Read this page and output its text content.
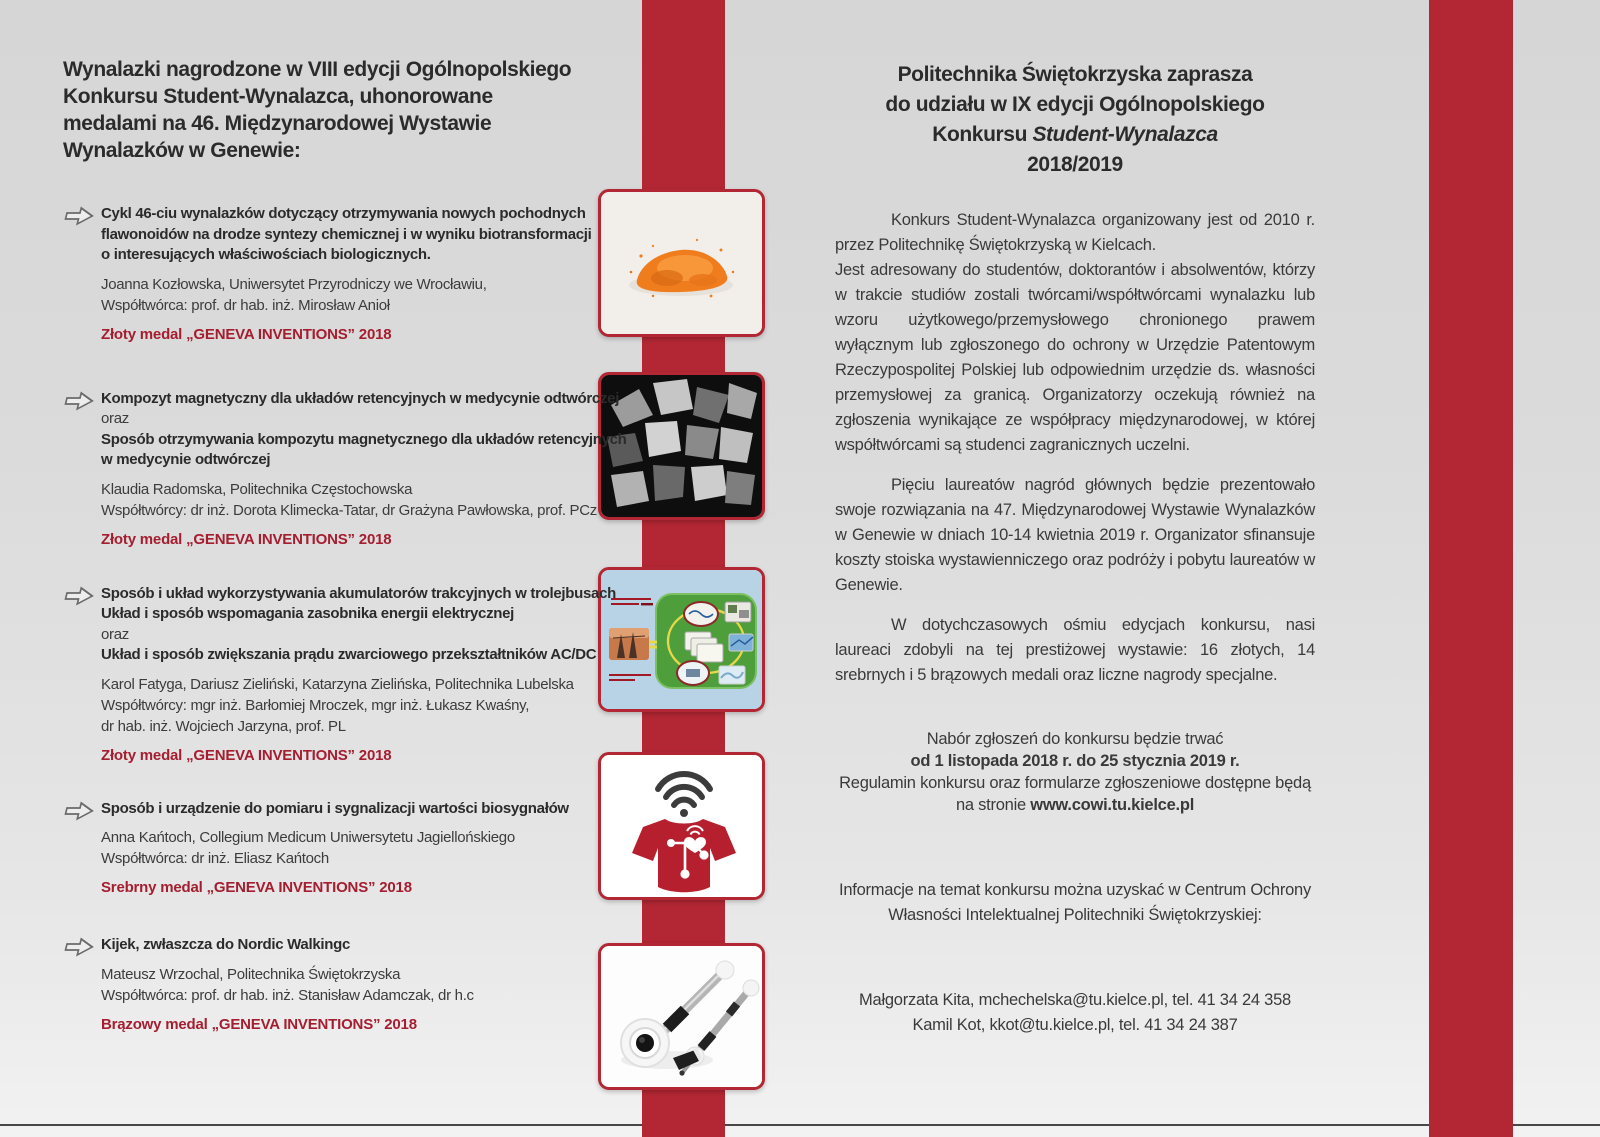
Wynalazki nagrodzone w VIII edycji Ogólnopolskiego
Konkursu Student-Wynalazca, uhonorowane
medalami na 46. Międzynarodowej Wystawie
Wynalazków w Genewie:
Cykl 46-ciu wynalazków dotyczący otrzymywania nowych pochodnych
flawonoidów na drodze syntezy chemicznej i w wyniku biotransformacji
o interesujących właściwościach biologicznych.
Joanna Kozłowska, Uniwersytet Przyrodniczy we Wrocławiu,
Współtwórca: prof. dr hab. inż. Mirosław Anioł
Złoty medal „GENEVA INVENTIONS” 2018
Kompozyt magnetyczny dla układów retencyjnych w medycynie odtwórczej
oraz
Sposób otrzymywania kompozytu magnetycznego dla układów retencyjnych
w medycynie odtwórczej
Klaudia Radomska, Politechnika Częstochowska
Współtwórcy: dr inż. Dorota Klimecka-Tatar, dr Grażyna Pawłowska, prof. PCz
Złoty medal „GENEVA INVENTIONS” 2018
Sposób i układ wykorzystywania akumulatorów trakcyjnych w trolejbusach
Układ i sposób wspomagania zasobnika energii elektrycznej
oraz
Układ i sposób zwiększania prądu zwarciowego przekształtników AC/DC
Karol Fatyga, Dariusz Zieliński, Katarzyna Zielińska, Politechnika Lubelska
Współtwórcy: mgr inż. Barłomiej Mroczek, mgr inż. Łukasz Kwaśny,
dr hab. inż. Wojciech Jarzyna, prof. PL
Złoty medal „GENEVA INVENTIONS” 2018
Sposób i urządzenie do pomiaru i sygnalizacji wartości biosygnałów
Anna Kańtoch, Collegium Medicum Uniwersytetu Jagiellońskiego
Współtwórca: dr inż. Eliasz Kańtoch
Srebrny medal „GENEVA INVENTIONS” 2018
Kijek, zwłaszcza do Nordic Walkingc
Mateusz Wrzochal, Politechnika Świętokrzyska
Współtwórca: prof. dr hab. inż. Stanisław Adamczak, dr h.c
Brązowy medal „GENEVA INVENTIONS” 2018
Politechnika Świętokrzyska zaprasza
do udziału w IX edycji Ogólnopolskiego
Konkursu Student-Wynalazca
2018/2019

Konkurs Student-Wynalazca organizowany jest od 2010 r. przez Politechnikę Świętokrzyską w Kielcach.

Jest adresowany do studentów, doktorantów i absolwentów, którzy w trakcie studiów zostali twórcami/współtwórcami wynalazku lub wzoru użytkowego/przemysłowego chronionego prawem wyłącznym lub zgłoszonego do ochrony w Urzędzie Patentowym Rzeczypospolitej Polskiej lub odpowiednim urzędzie ds. własności przemysłowej za granicą. Organizatorzy oczekują również na zgłoszenia wynikające ze współpracy międzynarodowej, w której współtwórcami są studenci zagranicznych uczelni.

Pięciu laureatów nagród głównych będzie prezentowało swoje rozwiązania na 47. Międzynarodowej Wystawie Wynalazków w Genewie w dniach 10-14 kwietnia 2019 r. Organizator sfinansuje koszty stoiska wystawienniczego oraz podróży i pobytu laureatów w Genewie.

W dotychczasowych ośmiu edycjach konkursu, nasi laureaci zdobyli na tej prestiżowej wystawie: 16 złotych, 14 srebrnych i 5 brązowych medali oraz liczne nagrody specjalne.

Nabór zgłoszeń do konkursu będzie trwać
od 1 listopada 2018 r. do 25 stycznia 2019 r.
Regulamin konkursu oraz formularze zgłoszeniowe dostępne będą
na stronie www.cowi.tu.kielce.pl
Informacje na temat konkursu można uzyskać w Centrum Ochrony
Własności Intelektualnej Politechniki Świętokrzyskiej:
Małgorzata Kita, mchechelska@tu.kielce.pl, tel. 41 34 24 358
Kamil Kot, kkot@tu.kielce.pl, tel. 41 34 24 387
